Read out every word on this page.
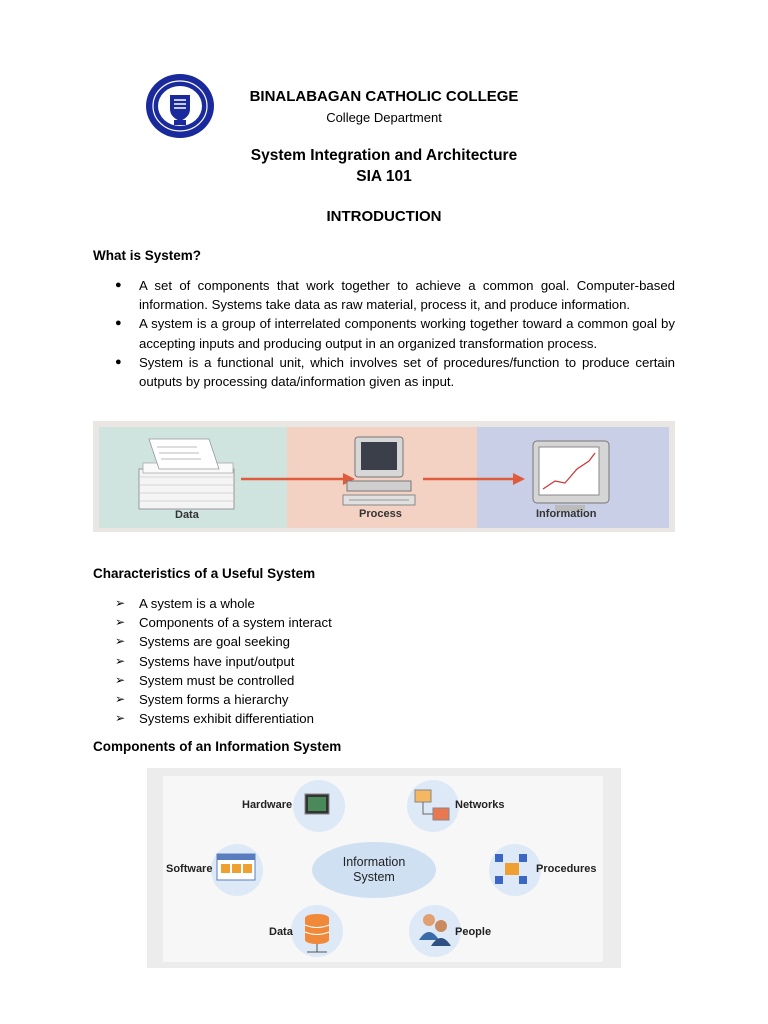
BINALABAGAN CATHOLIC COLLEGE
College Department
System Integration and Architecture
SIA 101
INTRODUCTION
What is System?
●	A set of components that work together to achieve a common goal. Computer-based information. Systems take data as raw material, process it, and produce information.
●	A system is a group of interrelated components working together toward a common goal by accepting inputs and producing output in an organized transformation process.
●	System is a functional unit, which involves set of procedures/function to produce certain outputs by processing data/information given as input.
Data	Process	Information
Characteristics of a Useful System
➢	A system is a whole
➢	Components of a system interact
➢	Systems are goal seeking
➢	Systems have input/output
➢	System must be controlled
➢	System forms a hierarchy
➢	Systems exhibit differentiation
Components of an Information System
Hardware	Networks
Software	Procedures
Data	People
Information
System
